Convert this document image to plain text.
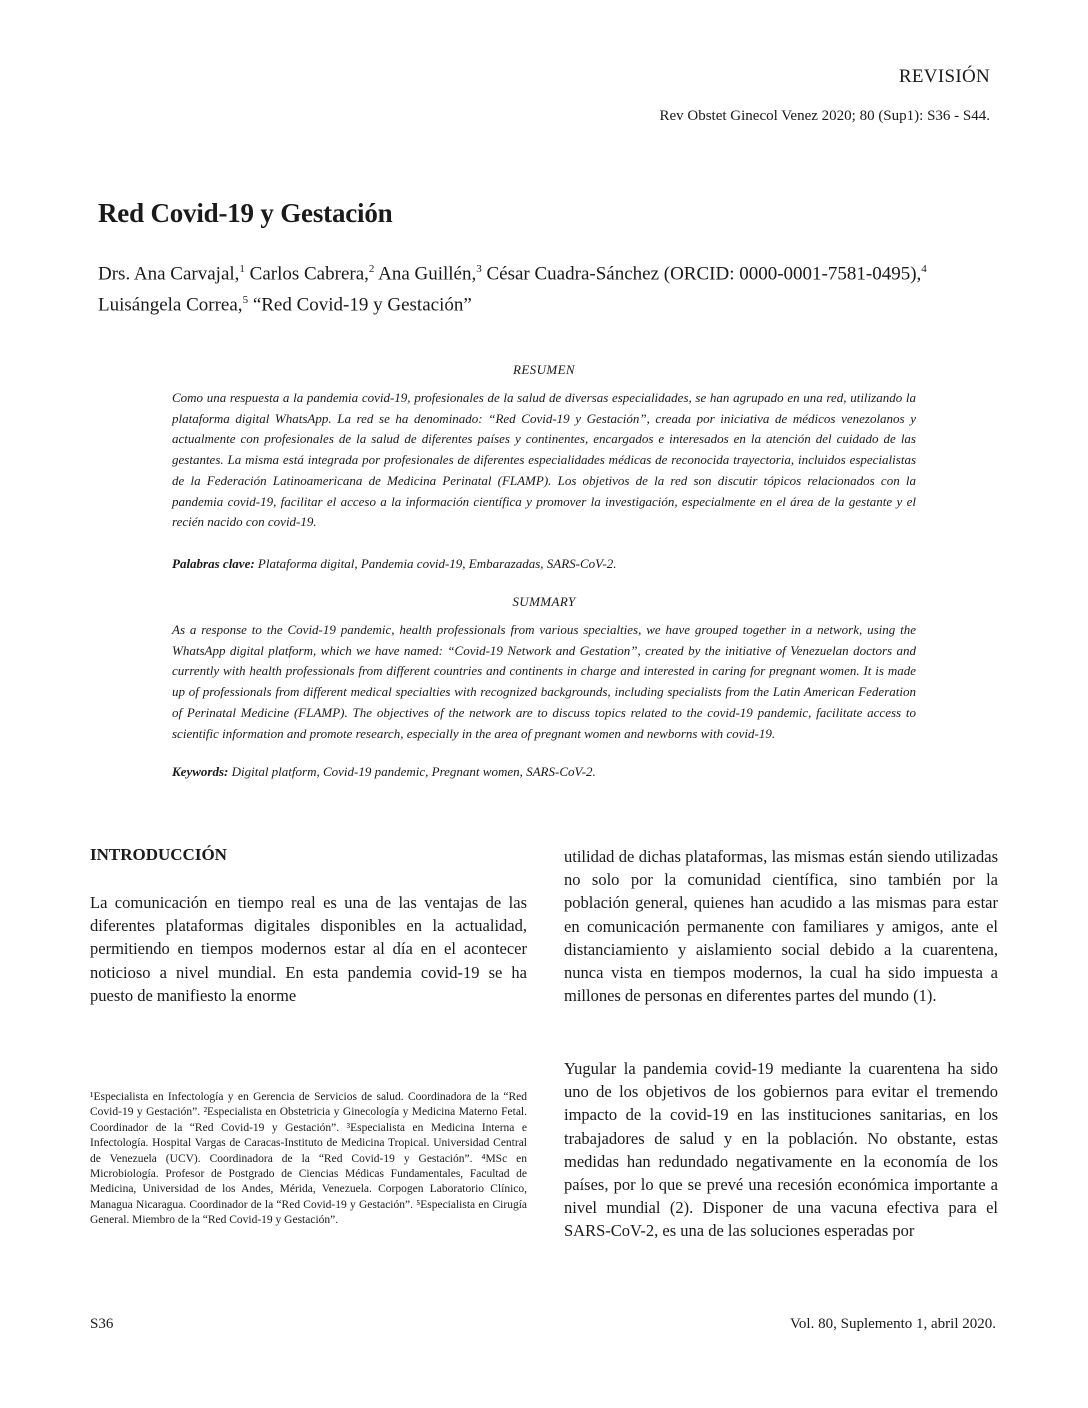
REVISIÓN
Rev Obstet Ginecol Venez 2020; 80 (Sup1): S36 - S44.
Red Covid-19 y Gestación
Drs. Ana Carvajal,$^1$ Carlos Cabrera,$^2$ Ana Guillén,$^3$ César Cuadra-Sánchez (ORCID: 0000-0001-7581-0495),$^4$ Luisángela Correa,$^5$ “Red Covid-19 y Gestación”
RESUMEN

Como una respuesta a la pandemia covid-19, profesionales de la salud de diversas especialidades, se han agrupado en una red, utilizando la plataforma digital WhatsApp. La red se ha denominado: “Red Covid-19 y Gestación”, creada por iniciativa de médicos venezolanos y actualmente con profesionales de la salud de diferentes países y continentes, encargados e interesados en la atención del cuidado de las gestantes. La misma está integrada por profesionales de diferentes especialidades médicas de reconocida trayectoria, incluidos especialistas de la Federación Latinoamericana de Medicina Perinatal (FLAMP). Los objetivos de la red son discutir tópicos relacionados con la pandemia covid-19, facilitar el acceso a la información científica y promover la investigación, especialmente en el área de la gestante y el recién nacido con covid-19.

Palabras clave: Plataforma digital, Pandemia covid-19, Embarazadas, SARS-CoV-2.
SUMMARY

As a response to the Covid-19 pandemic, health professionals from various specialties, we have grouped together in a network, using the WhatsApp digital platform, which we have named: “Covid-19 Network and Gestation”, created by the initiative of Venezuelan doctors and currently with health professionals from different countries and continents in charge and interested in caring for pregnant women. It is made up of professionals from different medical specialties with recognized backgrounds, including specialists from the Latin American Federation of Perinatal Medicine (FLAMP). The objectives of the network are to discuss topics related to the covid-19 pandemic, facilitate access to scientific information and promote research, especially in the area of pregnant women and newborns with covid-19.

Keywords: Digital platform, Covid-19 pandemic, Pregnant women, SARS-CoV-2.
INTRODUCCIÓN

La comunicación en tiempo real es una de las ventajas de las diferentes plataformas digitales disponibles en la actualidad, permitiendo en tiempos modernos estar al día en el acontecer noticioso a nivel mundial. En esta pandemia covid-19 se ha puesto de manifiesto la enorme

utilidad de dichas plataformas, las mismas están siendo utilizadas no solo por la comunidad científica, sino también por la población general, quienes han acudido a las mismas para estar en comunicación permanente con familiares y amigos, ante el distanciamiento y aislamiento social debido a la cuarentena, nunca vista en tiempos modernos, la cual ha sido impuesta a millones de personas en diferentes partes del mundo (1).

Yugular la pandemia covid-19 mediante la cuarentena ha sido uno de los objetivos de los gobiernos para evitar el tremendo impacto de la covid-19 en las instituciones sanitarias, en los trabajadores de salud y en la población. No obstante, estas medidas han redundado negativamente en la economía de los países, por lo que se prevé una recesión económica importante a nivel mundial (2). Disponer de una vacuna efectiva para el SARS-CoV-2, es una de las soluciones esperadas por

¹Especialista en Infectología y en Gerencia de Servicios de salud. Coordinadora de la “Red Covid-19 y Gestación”. ²Especialista en Obstetricia y Ginecología y Medicina Materno Fetal. Coordinador de la “Red Covid-19 y Gestación”. ³Especialista en Medicina Interna e Infectología. Hospital Vargas de Caracas-Instituto de Medicina Tropical. Universidad Central de Venezuela (UCV). Coordinadora de la “Red Covid-19 y Gestación”. ⁴MSc en Microbiología. Profesor de Postgrado de Ciencias Médicas Fundamentales, Facultad de Medicina, Universidad de los Andes, Mérida, Venezuela. Corpogen Laboratorio Clínico, Managua Nicaragua. Coordinador de la “Red Covid-19 y Gestación”. ⁵Especialista en Cirugía General. Miembro de la “Red Covid-19 y Gestación”.

S36	Vol. 80, Suplemento 1, abril 2020.
